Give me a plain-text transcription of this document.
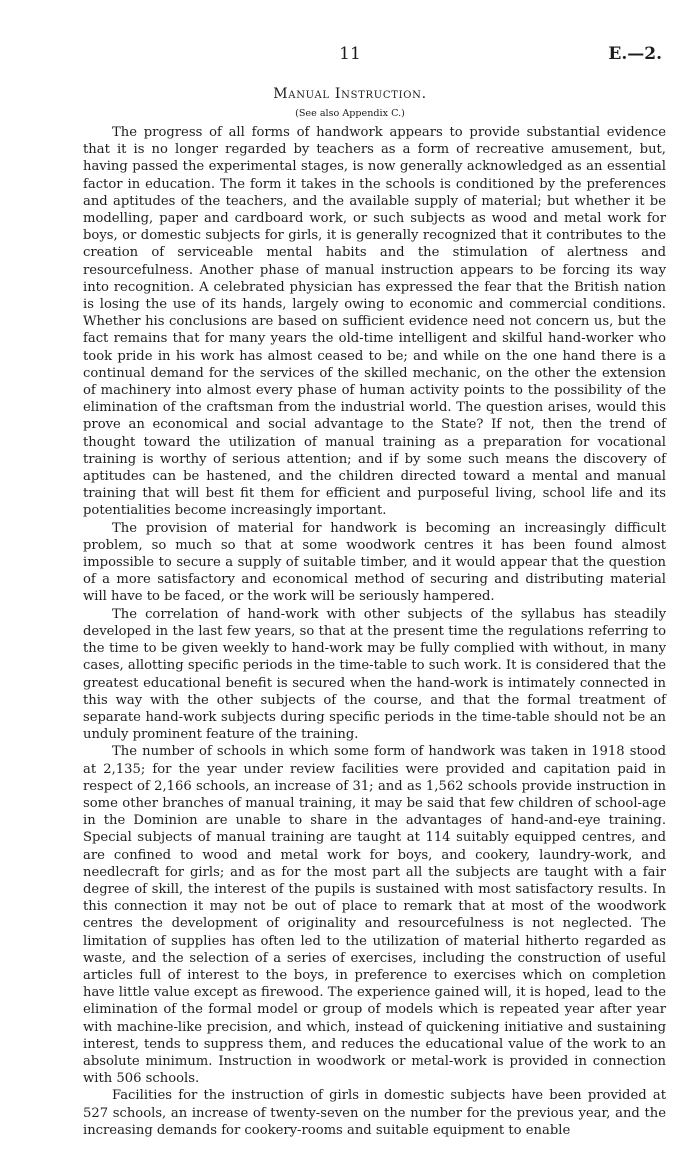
11	E.—2.
Manual Instruction.
(See also Appendix C.)

The progress of all forms of handwork appears to provide substantial evidence that it is no longer regarded by teachers as a form of recreative amusement, but, having passed the experimental stages, is now generally acknowledged as an essential factor in education. The form it takes in the schools is conditioned by the preferences and aptitudes of the teachers, and the available supply of material; but whether it be modelling, paper and cardboard work, or such subjects as wood and metal work for boys, or domestic subjects for girls, it is generally recognized that it contributes to the creation of serviceable mental habits and the stimulation of alertness and resourcefulness. Another phase of manual instruction appears to be forcing its way into recognition. A celebrated physician has expressed the fear that the British nation is losing the use of its hands, largely owing to economic and commercial conditions. Whether his conclusions are based on sufficient evidence need not concern us, but the fact remains that for many years the old-time intelligent and skilful hand-worker who took pride in his work has almost ceased to be; and while on the one hand there is a continual demand for the services of the skilled mechanic, on the other the extension of machinery into almost every phase of human activity points to the possibility of the elimination of the craftsman from the industrial world. The question arises, would this prove an economical and social advantage to the State? If not, then the trend of thought toward the utilization of manual training as a preparation for vocational training is worthy of serious attention; and if by some such means the discovery of aptitudes can be hastened, and the children directed toward a mental and manual training that will best fit them for efficient and purposeful living, school life and its potentialities become increasingly important.

The provision of material for handwork is becoming an increasingly difficult problem, so much so that at some woodwork centres it has been found almost impossible to secure a supply of suitable timber, and it would appear that the question of a more satisfactory and economical method of securing and distributing material will have to be faced, or the work will be seriously hampered.

The correlation of hand-work with other subjects of the syllabus has steadily developed in the last few years, so that at the present time the regulations referring to the time to be given weekly to hand-work may be fully complied with without, in many cases, allotting specific periods in the time-table to such work. It is considered that the greatest educational benefit is secured when the hand-work is intimately connected in this way with the other subjects of the course, and that the formal treatment of separate hand-work subjects during specific periods in the time-table should not be an unduly prominent feature of the training.

The number of schools in which some form of handwork was taken in 1918 stood at 2,135; for the year under review facilities were provided and capitation paid in respect of 2,166 schools, an increase of 31; and as 1,562 schools provide instruction in some other branches of manual training, it may be said that few children of school-age in the Dominion are unable to share in the advantages of hand-and-eye training. Special subjects of manual training are taught at 114 suitably equipped centres, and are confined to wood and metal work for boys, and cookery, laundry-work, and needlecraft for girls; and as for the most part all the subjects are taught with a fair degree of skill, the interest of the pupils is sustained with most satisfactory results. In this connection it may not be out of place to remark that at most of the woodwork centres the development of originality and resourcefulness is not neglected. The limitation of supplies has often led to the utilization of material hitherto regarded as waste, and the selection of a series of exercises, including the construction of useful articles full of interest to the boys, in preference to exercises which on completion have little value except as firewood. The experience gained will, it is hoped, lead to the elimination of the formal model or group of models which is repeated year after year with machine-like precision, and which, instead of quickening initiative and sustaining interest, tends to suppress them, and reduces the educational value of the work to an absolute minimum. Instruction in woodwork or metal-work is provided in connection with 506 schools.

Facilities for the instruction of girls in domestic subjects have been provided at 527 schools, an increase of twenty-seven on the number for the previous year, and the increasing demands for cookery-rooms and suitable equipment to enable
